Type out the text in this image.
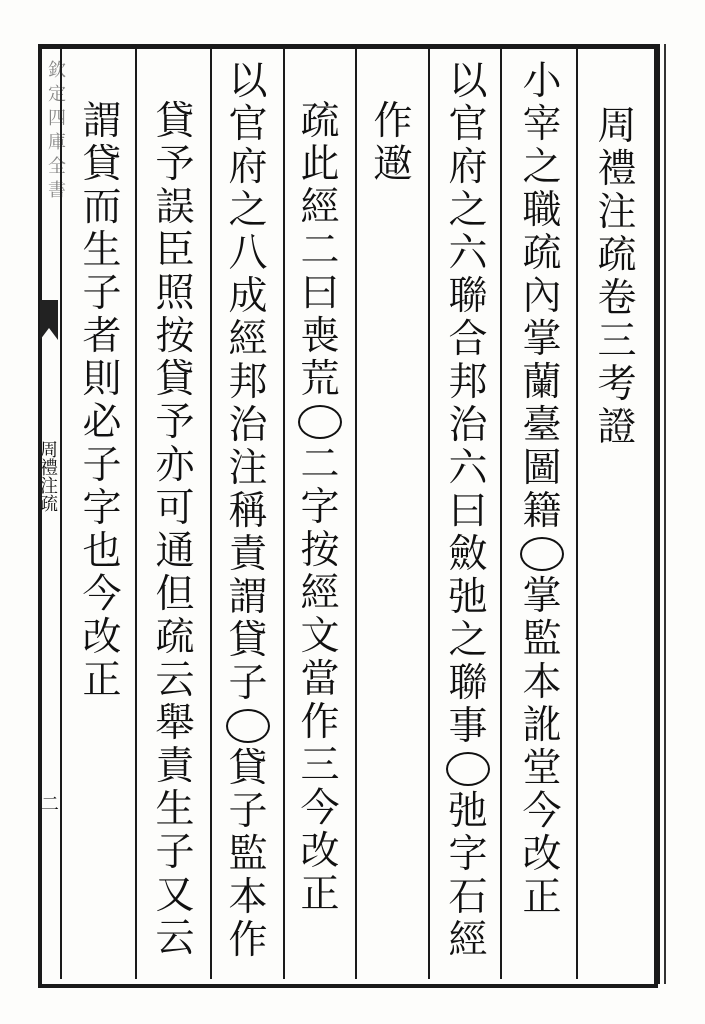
欽定四庫全書
周禮注疏
二
周
禮
注
疏
卷
三
考
證
小
宰
之
職
疏
內
掌
蘭
臺
圖
籍
掌
監
本
訛
堂
今
改
正
以
官
府
之
六
聯
合
邦
治
六
曰
斂
弛
之
聯
事
弛
字
石
經
作
䢩
疏
此
經
二
曰
喪
荒
二
字
按
經
文
當
作
三
今
改
正
以
官
府
之
八
成
經
邦
治
注
稱
責
謂
貸
子
貸
子
監
本
作
貸
予
誤
臣
照
按
貸
予
亦
可
通
但
疏
云
舉
責
生
子
又
云
謂
貸
而
生
子
者
則
必
子
字
也
今
改
正
